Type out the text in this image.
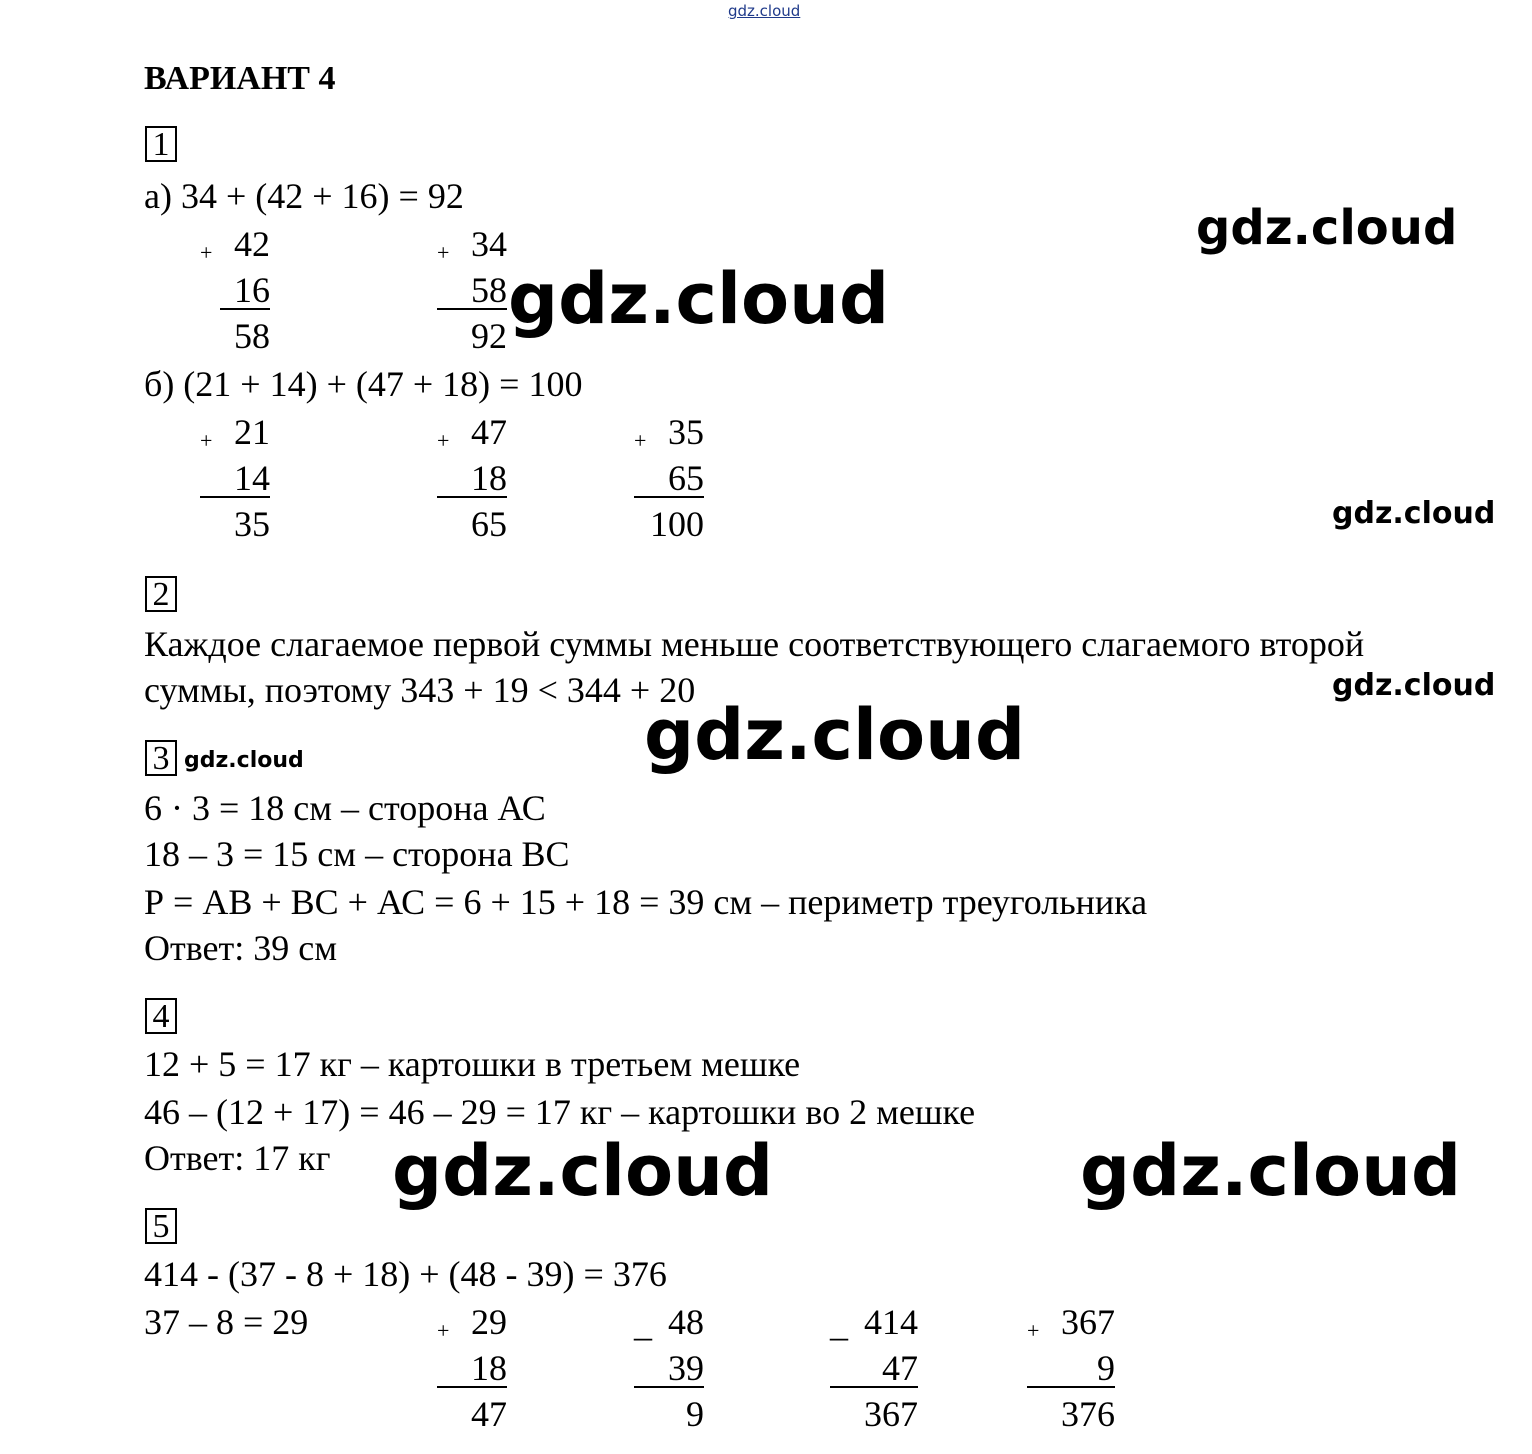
gdz.cloud
ВАРИАНТ 4
1
а) 34 + (42 + 16) = 92
+ 42
16
58
+ 34
58
92
б) (21 + 14) + (47 + 18) = 100
+ 21
14
35
+ 47
18
65
+ 35
65
100
2
Каждое слагаемое первой суммы меньше соответствующего слагаемого второй
суммы, поэтому 343 + 19 < 344 + 20
3
6 · 3 = 18 см – сторона АС
18 – 3 = 15 см – сторона ВС
Р = АВ + ВС + АС = 6 + 15 + 18 = 39 см – периметр треугольника
Ответ: 39 см
4
12 + 5 = 17 кг – картошки в третьем мешке
46 – (12 + 17) = 46 – 29 = 17 кг – картошки во 2 мешке
Ответ: 17 кг
5
414 - (37 - 8 + 18) + (48 - 39) = 376
37 – 8 = 29	+ 29
18
47
_ 48
39
9
_ 414
47
367
+ 367
9
376
gdz.cloud
gdz.cloud
gdz.cloud
gdz.cloud
gdz.cloud
gdz.cloud
gdz.cloud	gdz.cloud
